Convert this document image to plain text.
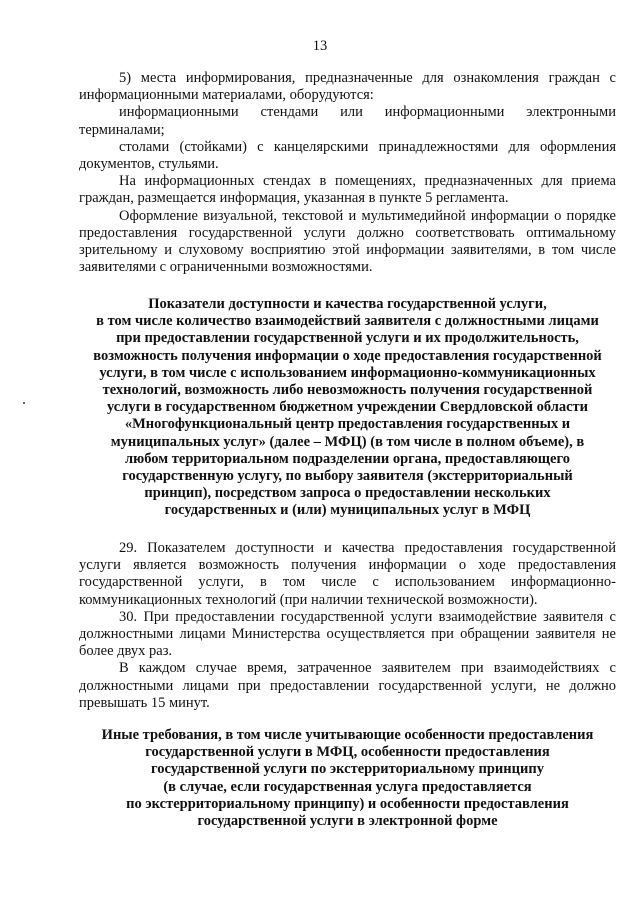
13

5) места информирования, предназначенные для ознакомления граждан с информационными материалами, оборудуются:

информационными стендами или информационными электронными терминалами;

столами (стойками) с канцелярскими принадлежностями для оформления документов, стульями.

На информационных стендах в помещениях, предназначенных для приема граждан, размещается информация, указанная в пункте 5 регламента.

Оформление визуальной, текстовой и мультимедийной информации о порядке предоставления государственной услуги должно соответствовать оптимальному зрительному и слуховому восприятию этой информации заявителями, в том числе заявителями с ограниченными возможностями.

Показатели доступности и качества государственной услуги,
в том числе количество взаимодействий заявителя с должностными лицами
при предоставлении государственной услуги и их продолжительность,
возможность получения информации о ходе предоставления государственной
услуги, в том числе с использованием информационно-коммуникационных
технологий, возможность либо невозможность получения государственной
услуги в государственном бюджетном учреждении Свердловской области
«Многофункциональный центр предоставления государственных и
муниципальных услуг» (далее – МФЦ) (в том числе в полном объеме), в
любом территориальном подразделении органа, предоставляющего
государственную услугу, по выбору заявителя (экстерриториальный
принцип), посредством запроса о предоставлении нескольких
государственных и (или) муниципальных услуг в МФЦ

29. Показателем доступности и качества предоставления государственной услуги является возможность получения информации о ходе предоставления государственной услуги, в том числе с использованием информационно-коммуникационных технологий (при наличии технической возможности).

30. При предоставлении государственной услуги взаимодействие заявителя с должностными лицами Министерства осуществляется при обращении заявителя не более двух раз.

В каждом случае время, затраченное заявителем при взаимодействиях с должностными лицами при предоставлении государственной услуги, не должно превышать 15 минут.

Иные требования, в том числе учитывающие особенности предоставления
государственной услуги в МФЦ, особенности предоставления
государственной услуги по экстерриториальному принципу
(в случае, если государственная услуга предоставляется
по экстерриториальному принципу) и особенности предоставления
государственной услуги в электронной форме
